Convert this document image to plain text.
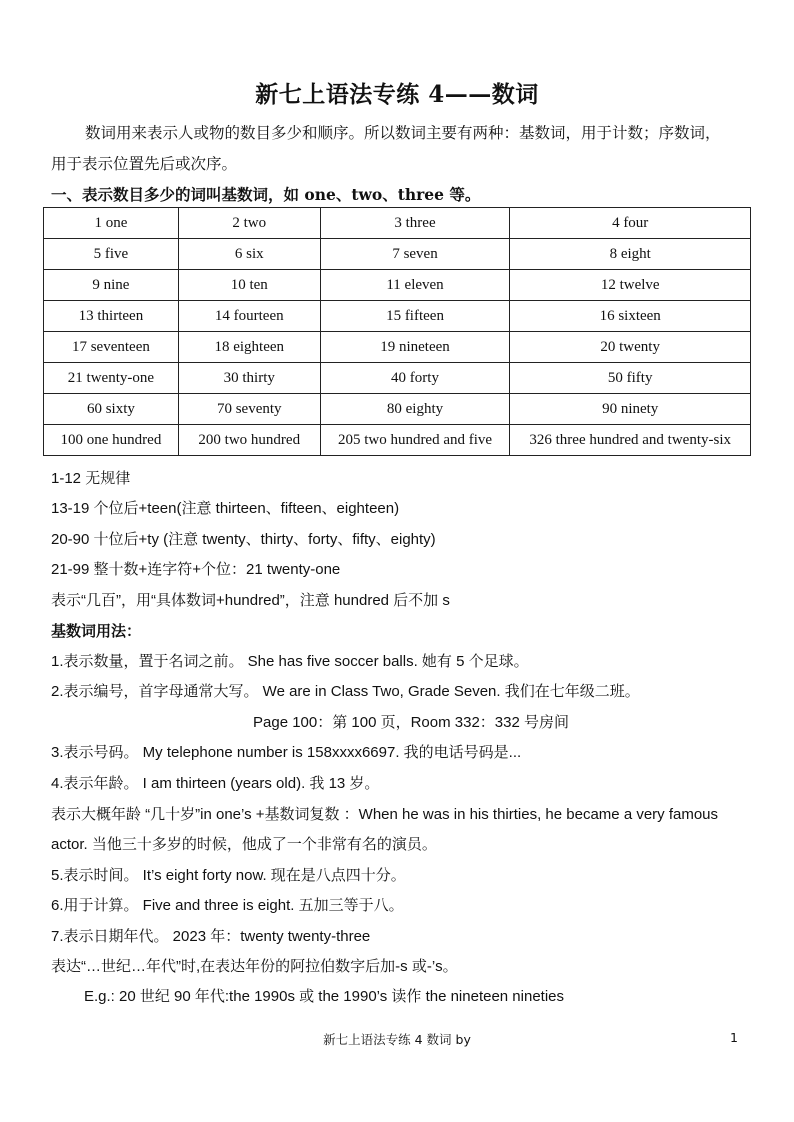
新七上语法专练 4——数词
数词用来表示人或物的数目多少和顺序。所以数词主要有两种：基数词，用于计数；序数词，
用于表示位置先后或次序。
一、表示数目多少的词叫基数词，如 one、two、three 等。
1 one	2 two	3 three	4 four
5 five	6 six	7 seven	8 eight
9 nine	10 ten	11 eleven	12 twelve
13 thirteen	14 fourteen	15 fifteen	16 sixteen
17 seventeen	18 eighteen	19 nineteen	20 twenty
21 twenty-one	30 thirty	40 forty	50 fifty
60 sixty	70 seventy	80 eighty	90 ninety
100 one hundred	200 two hundred	205 two hundred and five	326 three hundred and twenty-six
1-12 无规律
13-19 个位后+teen(注意 thirteen、fifteen、eighteen)
20-90 十位后+ty (注意 twenty、thirty、forty、fifty、eighty)
21-99 整十数+连字符+个位：21 twenty-one
表示“几百”，用“具体数词+hundred”，注意 hundred 后不加 s
基数词用法：
1.表示数量，置于名词之前。 She has five soccer balls. 她有 5 个足球。
2.表示编号，首字母通常大写。 We are in Class Two, Grade Seven. 我们在七年级二班。
Page 100：第 100 页，Room 332：332 号房间
3.表示号码。 My telephone number is 158xxxx6697. 我的电话号码是...
4.表示年龄。 I am thirteen (years old). 我 13 岁。
表示大概年龄 “几十岁”in one’s +基数词复数 ：When he was in his thirties, he became a very famous
actor. 当他三十多岁的时候，他成了一个非常有名的演员。
5.表示时间。 It’s eight forty now. 现在是八点四十分。
6.用于计算。 Five and three is eight. 五加三等于八。
7.表示日期年代。 2023 年：twenty twenty-three
表达“…世纪…年代”时,在表达年份的阿拉伯数字后加-s 或-’s。
E.g.: 20 世纪 90 年代:the 1990s 或 the 1990’s 读作 the nineteen nineties
新七上语法专练 4 数词 by	1
